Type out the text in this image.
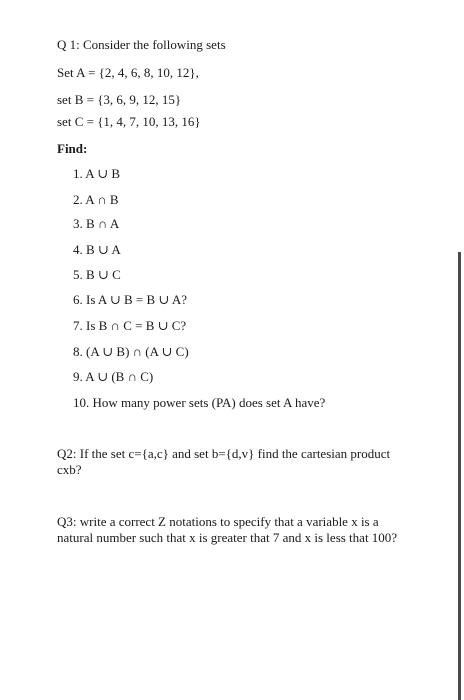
Q 1: Consider the following sets
Set A = {2, 4, 6, 8, 10, 12},
set B = {3, 6, 9, 12, 15}
set C = {1, 4, 7, 10, 13, 16}
Find:
1. A ∪ B
2. A ∩ B
3. B ∩ A
4. B ∪ A
5. B ∪ C
6. Is A ∪ B = B ∪ A?
7. Is B ∩ C = B ∪ C?
8. (A ∪ B) ∩ (A ∪ C)
9. A ∪ (B ∩ C)
10. How many power sets (PA) does set A have?
Q2: If the set c={a,c} and set b={d,v} find the cartesian product cxb?
Q3: write a correct Z notations to specify that a variable x is a natural number such that x is greater that 7 and x is less that 100?
